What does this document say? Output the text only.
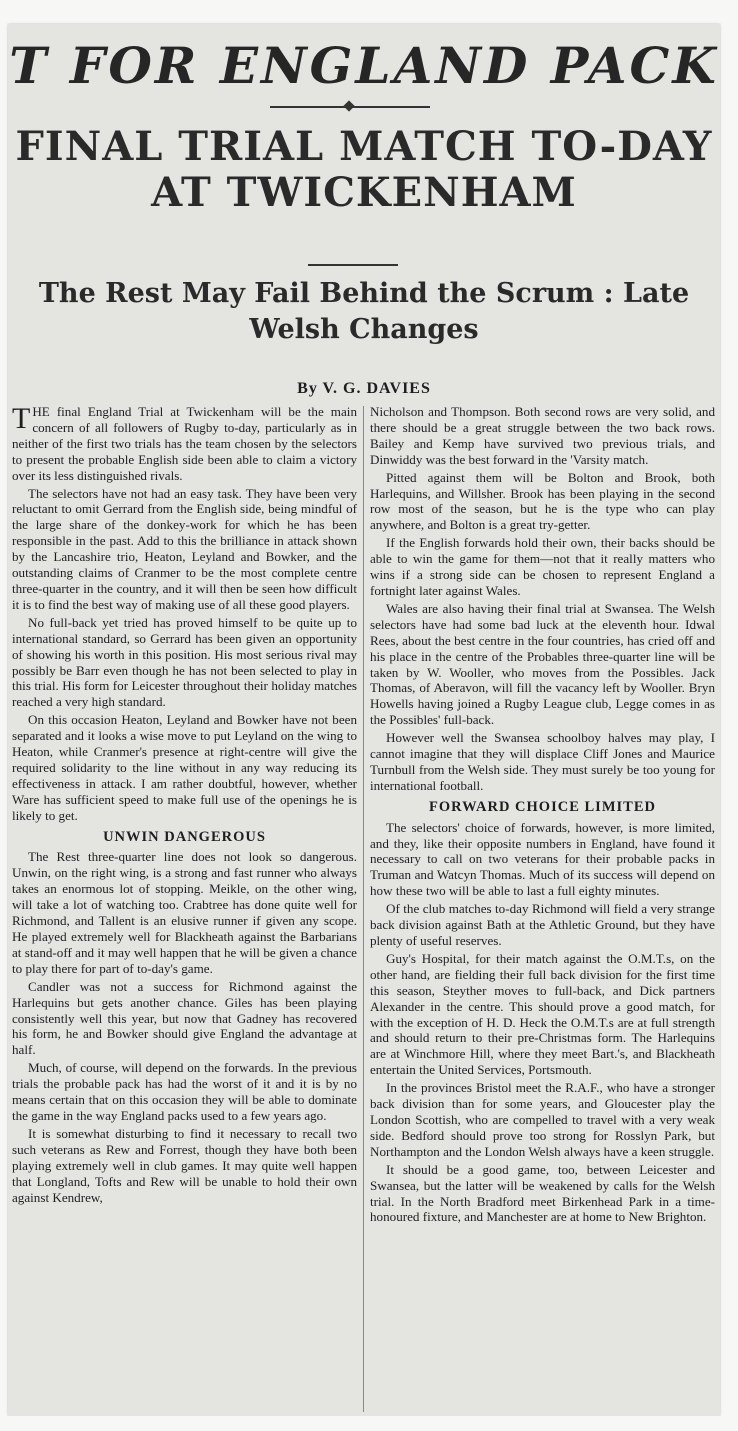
T FOR ENGLAND PACK
FINAL TRIAL MATCH TO-DAY AT TWICKENHAM
The Rest May Fail Behind the Scrum : Late Welsh Changes
By V. G. DAVIES

THE final England Trial at Twickenham will be the main concern of all followers of Rugby to-day, particularly as in neither of the first two trials has the team chosen by the selectors to present the probable English side been able to claim a victory over its less distinguished rivals.

The selectors have not had an easy task. They have been very reluctant to omit Gerrard from the English side, being mindful of the large share of the donkey-work for which he has been responsible in the past. Add to this the brilliance in attack shown by the Lancashire trio, Heaton, Leyland and Bowker, and the outstanding claims of Cranmer to be the most complete centre three-quarter in the country, and it will then be seen how difficult it is to find the best way of making use of all these good players.

No full-back yet tried has proved himself to be quite up to international standard, so Gerrard has been given an opportunity of showing his worth in this position. His most serious rival may possibly be Barr even though he has not been selected to play in this trial. His form for Leicester throughout their holiday matches reached a very high standard.

On this occasion Heaton, Leyland and Bowker have not been separated and it looks a wise move to put Leyland on the wing to Heaton, while Cranmer's presence at right-centre will give the required solidarity to the line without in any way reducing its effectiveness in attack. I am rather doubtful, however, whether Ware has sufficient speed to make full use of the openings he is likely to get.

UNWIN DANGEROUS

The Rest three-quarter line does not look so dangerous. Unwin, on the right wing, is a strong and fast runner who always takes an enormous lot of stopping. Meikle, on the other wing, will take a lot of watching too. Crabtree has done quite well for Richmond, and Tallent is an elusive runner if given any scope. He played extremely well for Blackheath against the Barbarians at stand-off and it may well happen that he will be given a chance to play there for part of to-day's game.

Candler was not a success for Richmond against the Harlequins but gets another chance. Giles has been playing consistently well this year, but now that Gadney has recovered his form, he and Bowker should give England the advantage at half.

Much, of course, will depend on the forwards. In the previous trials the probable pack has had the worst of it and it is by no means certain that on this occasion they will be able to dominate the game in the way England packs used to a few years ago.

It is somewhat disturbing to find it necessary to recall two such veterans as Rew and Forrest, though they have both been playing extremely well in club games. It may quite well happen that Longland, Tofts and Rew will be unable to hold their own against Kendrew,

Nicholson and Thompson. Both second rows are very solid, and there should be a great struggle between the two back rows. Bailey and Kemp have survived two previous trials, and Dinwiddy was the best forward in the 'Varsity match.

Pitted against them will be Bolton and Brook, both Harlequins, and Willsher. Brook has been playing in the second row most of the season, but he is the type who can play anywhere, and Bolton is a great try-getter.

If the English forwards hold their own, their backs should be able to win the game for them—not that it really matters who wins if a strong side can be chosen to represent England a fortnight later against Wales.

Wales are also having their final trial at Swansea. The Welsh selectors have had some bad luck at the eleventh hour. Idwal Rees, about the best centre in the four countries, has cried off and his place in the centre of the Probables three-quarter line will be taken by W. Wooller, who moves from the Possibles. Jack Thomas, of Aberavon, will fill the vacancy left by Wooller. Bryn Howells having joined a Rugby League club, Legge comes in as the Possibles' full-back.

However well the Swansea schoolboy halves may play, I cannot imagine that they will displace Cliff Jones and Maurice Turnbull from the Welsh side. They must surely be too young for international football.

FORWARD CHOICE LIMITED

The selectors' choice of forwards, however, is more limited, and they, like their opposite numbers in England, have found it necessary to call on two veterans for their probable packs in Truman and Watcyn Thomas. Much of its success will depend on how these two will be able to last a full eighty minutes.

Of the club matches to-day Richmond will field a very strange back division against Bath at the Athletic Ground, but they have plenty of useful reserves.

Guy's Hospital, for their match against the O.M.T.s, on the other hand, are fielding their full back division for the first time this season, Steyther moves to full-back, and Dick partners Alexander in the centre. This should prove a good match, for with the exception of H. D. Heck the O.M.T.s are at full strength and should return to their pre-Christmas form. The Harlequins are at Winchmore Hill, where they meet Bart.'s, and Blackheath entertain the United Services, Portsmouth.

In the provinces Bristol meet the R.A.F., who have a stronger back division than for some years, and Gloucester play the London Scottish, who are compelled to travel with a very weak side. Bedford should prove too strong for Rosslyn Park, but Northampton and the London Welsh always have a keen struggle.

It should be a good game, too, between Leicester and Swansea, but the latter will be weakened by calls for the Welsh trial. In the North Bradford meet Birkenhead Park in a time-honoured fixture, and Manchester are at home to New Brighton.
